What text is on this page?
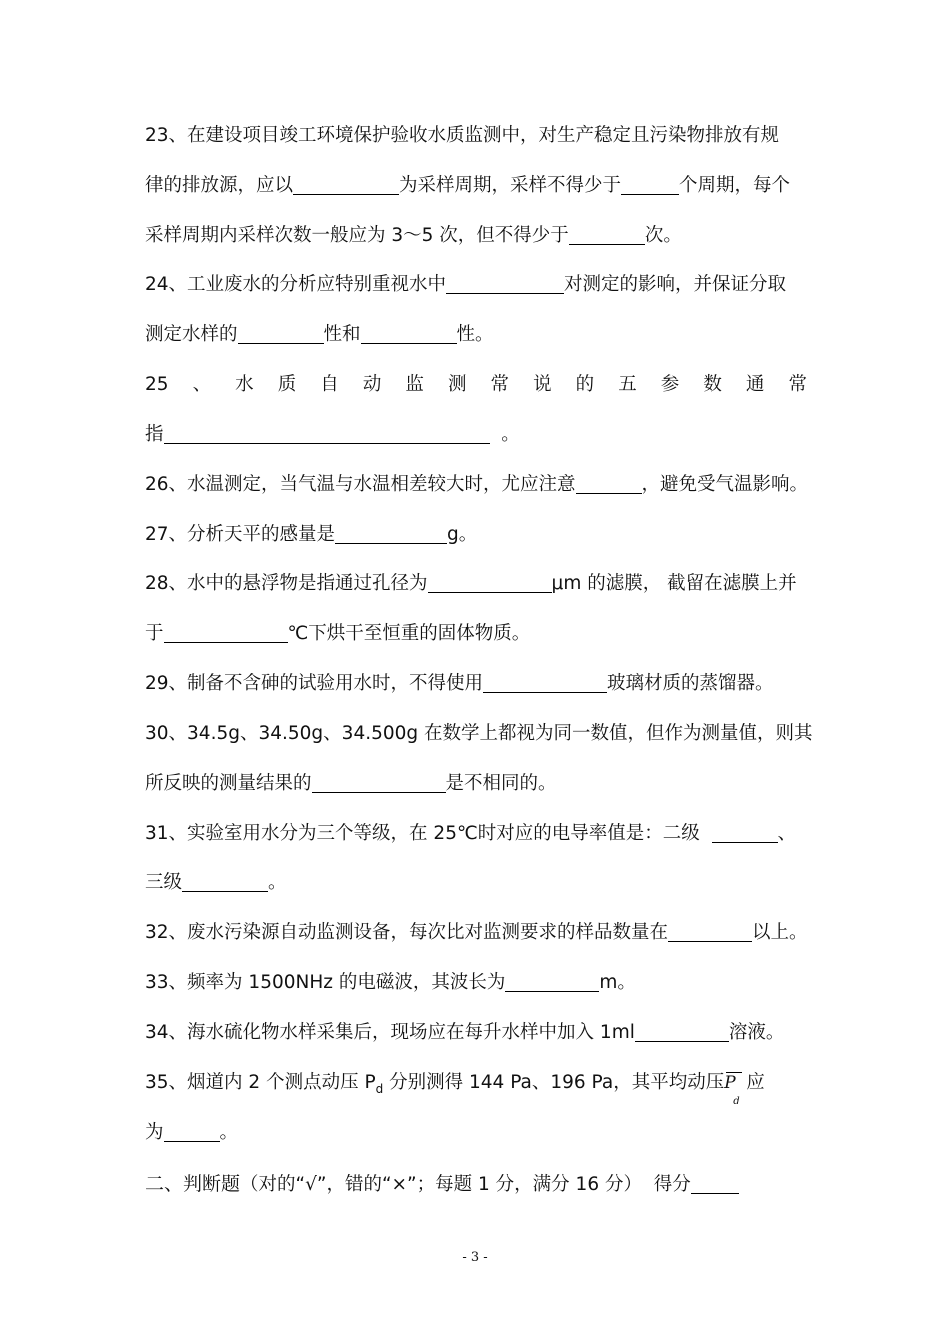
23、在建设项目竣工环境保护验收水质监测中，对生产稳定且污染物排放有规
律的排放源，应以	为采样周期，采样不得少于	个周期，每个
采样周期内采样次数一般应为 3～5 次，但不得少于	次。
24、工业废水的分析应特别重视水中	对测定的影响，并保证分取
测定水样的	性和	性。
25 、 水 质 自 动 监 测 常 说 的 五 参 数 通 常
指	。
26、水温测定，当气温与水温相差较大时，尤应注意	，避免受气温影响。
27、分析天平的感量是	g。
28、水中的悬浮物是指通过孔径为	μm 的滤膜， 截留在滤膜上并
于	℃下烘干至恒重的固体物质。
29、制备不含砷的试验用水时，不得使用	玻璃材质的蒸馏器。
30、34.5g、34.50g、34.500g 在数学上都视为同一数值，但作为测量值，则其
所反映的测量结果的	是不相同的。
31、实验室用水分为三个等级，在 25℃时对应的电导率值是：二级	、
三级	。
32、废水污染源自动监测设备，每次比对监测要求的样品数量在	以上。
33、频率为 1500NHz 的电磁波，其波长为	m。
34、海水硫化物水样采集后，现场应在每升水样中加入 1ml	溶液。
35、烟道内 2 个测点动压 $P_d$ 分别测得 144 Pa、196 Pa，其平均动压
P
d
应
为	。
二、判断题（对的“√”，错的“×”；每题 1 分，满分 16 分） 得分
- 3 -
